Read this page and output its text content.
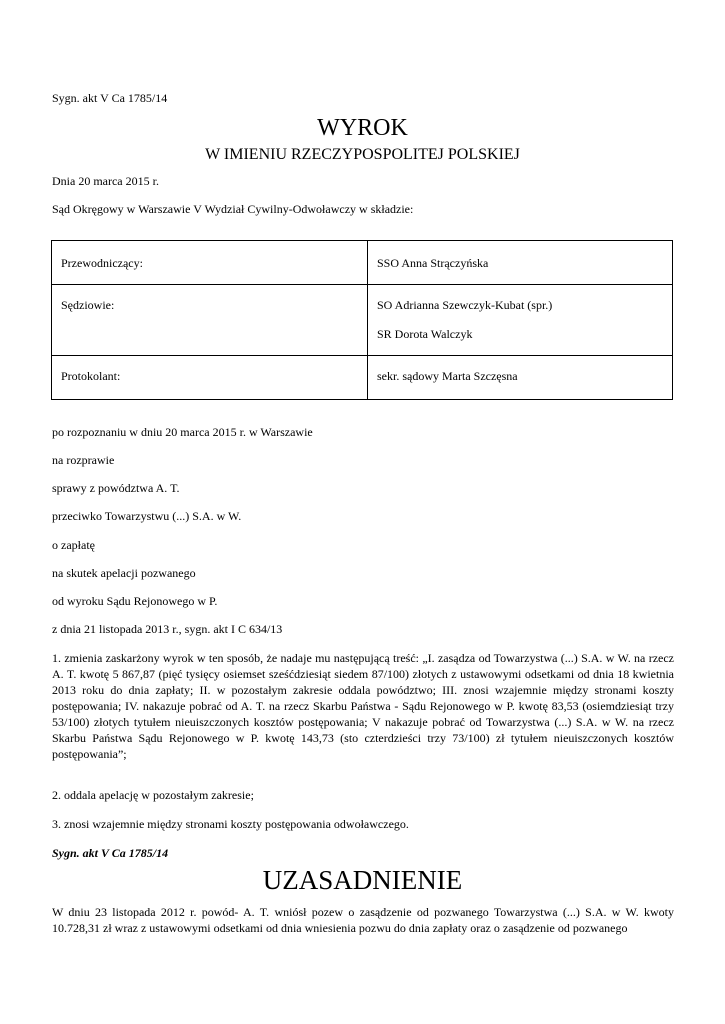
Sygn. akt V Ca 1785/14
WYROK
W IMIENIU RZECZYPOSPOLITEJ POLSKIEJ
Dnia 20 marca 2015 r.
Sąd Okręgowy w Warszawie V Wydział Cywilny-Odwoławczy w składzie:
Przewodniczący:	SSO Anna Strączyńska

Sędziowie:	SO Adrianna Szewczyk-Kubat (spr.)
SR Dorota Walczyk

Protokolant:	sekr. sądowy Marta Szczęsna
po rozpoznaniu w dniu 20 marca 2015 r. w Warszawie
na rozprawie
sprawy z powództwa A. T.
przeciwko Towarzystwu (...) S.A. w W.
o zapłatę
na skutek apelacji pozwanego
od wyroku Sądu Rejonowego w P.
z dnia 21 listopada 2013 r., sygn. akt I C 634/13
1. zmienia zaskarżony wyrok w ten sposób, że nadaje mu następującą treść: „I. zasądza od Towarzystwa (...) S.A. w W. na rzecz A. T. kwotę 5 867,87 (pięć tysięcy osiemset sześćdziesiąt siedem 87/100) złotych z ustawowymi odsetkami od dnia 18 kwietnia 2013 roku do dnia zapłaty; II. w pozostałym zakresie oddala powództwo; III. znosi wzajemnie między stronami koszty postępowania; IV. nakazuje pobrać od A. T. na rzecz Skarbu Państwa - Sądu Rejonowego w P. kwotę 83,53 (osiemdziesiąt trzy 53/100) złotych tytułem nieuiszczonych kosztów postępowania; V nakazuje pobrać od Towarzystwa (...) S.A. w W. na rzecz Skarbu Państwa Sądu Rejonowego w P. kwotę 143,73 (sto czterdzieści trzy 73/100) zł tytułem nieuiszczonych kosztów postępowania”;
2. oddala apelację w pozostałym zakresie;
3. znosi wzajemnie między stronami koszty postępowania odwoławczego.
Sygn. akt V Ca 1785/14
UZASADNIENIE
W dniu 23 listopada 2012 r. powód- A. T. wniósł pozew o zasądzenie od pozwanego Towarzystwa (...) S.A. w W. kwoty 10.728,31 zł wraz z ustawowymi odsetkami od dnia wniesienia pozwu do dnia zapłaty oraz o zasądzenie od pozwanego
